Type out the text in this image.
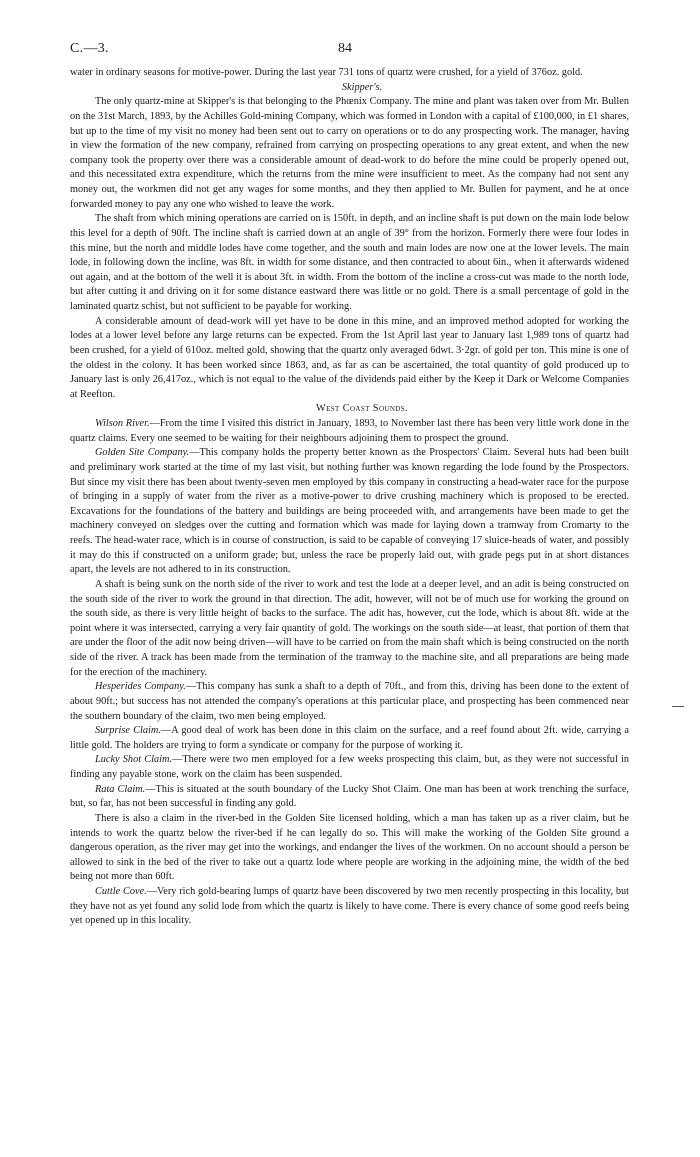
C.—3.	84

water in ordinary seasons for motive-power. During the last year 731 tons of quartz were crushed, for a yield of 376oz. gold.

Skipper's.

The only quartz-mine at Skipper's is that belonging to the Phœnix Company. The mine and plant was taken over from Mr. Bullen on the 31st March, 1893, by the Achilles Gold-mining Company, which was formed in London with a capital of £100,000, in £1 shares, but up to the time of my visit no money had been sent out to carry on operations or to do any prospecting work. The manager, having in view the formation of the new company, refrained from carrying on prospecting operations to any great extent, and when the new company took the property over there was a considerable amount of dead-work to do before the mine could be properly opened out, and this necessitated extra expenditure, which the returns from the mine were insufficient to meet. As the company had not sent any money out, the workmen did not get any wages for some months, and they then applied to Mr. Bullen for payment, and he at once forwarded money to pay any one who wished to leave the work.

The shaft from which mining operations are carried on is 150ft. in depth, and an incline shaft is put down on the main lode below this level for a depth of 90ft. The incline shaft is carried down at an angle of 39° from the horizon. Formerly there were four lodes in this mine, but the north and middle lodes have come together, and the south and main lodes are now one at the lower levels. The main lode, in following down the incline, was 8ft. in width for some distance, and then contracted to about 6in., when it afterwards widened out again, and at the bottom of the well it is about 3ft. in width. From the bottom of the incline a cross-cut was made to the north lode, but after cutting it and driving on it for some distance eastward there was little or no gold. There is a small percentage of gold in the laminated quartz schist, but not sufficient to be payable for working.

A considerable amount of dead-work will yet have to be done in this mine, and an improved method adopted for working the lodes at a lower level before any large returns can be expected. From the 1st April last year to January last 1,989 tons of quartz had been crushed, for a yield of 610oz. melted gold, showing that the quartz only averaged 6dwt. 3·2gr. of gold per ton. This mine is one of the oldest in the colony. It has been worked since 1863, and, as far as can be ascertained, the total quantity of gold produced up to January last is only 26,417oz., which is not equal to the value of the dividends paid either by the Keep it Dark or Welcome Companies at Reefton.

West Coast Sounds.

Wilson River.—From the time I visited this district in January, 1893, to November last there has been very little work done in the quartz claims. Every one seemed to be waiting for their neighbours adjoining them to prospect the ground.

Golden Site Company.—This company holds the property better known as the Prospectors' Claim. Several huts had been built and preliminary work started at the time of my last visit, but nothing further was known regarding the lode found by the Prospectors. But since my visit there has been about twenty-seven men employed by this company in constructing a head-water race for the purpose of bringing in a supply of water from the river as a motive-power to drive crushing machinery which is proposed to be erected. Excavations for the foundations of the battery and buildings are being proceeded with, and arrangements have been made to get the machinery conveyed on sledges over the cutting and formation which was made for laying down a tramway from Cromarty to the reefs. The head-water race, which is in course of construction, is said to be capable of conveying 17 sluice-heads of water, and possibly it may do this if constructed on a uniform grade; but, unless the race be properly laid out, with grade pegs put in at short distances apart, the levels are not adhered to in its construction.

A shaft is being sunk on the north side of the river to work and test the lode at a deeper level, and an adit is being constructed on the south side of the river to work the ground in that direction. The adit, however, will not be of much use for working the ground on the south side, as there is very little height of backs to the surface. The adit has, however, cut the lode, which is about 8ft. wide at the point where it was intersected, carrying a very fair quantity of gold. The workings on the south side—at least, that portion of them that are under the floor of the adit now being driven—will have to be carried on from the main shaft which is being constructed on the north side of the river. A track has been made from the termination of the tramway to the machine site, and all preparations are being made for the erection of the machinery.

Hesperides Company.—This company has sunk a shaft to a depth of 70ft., and from this, driving has been done to the extent of about 90ft.; but success has not attended the company's operations at this particular place, and prospecting has been commenced near the southern boundary of the claim, two men being employed.

Surprise Claim.—A good deal of work has been done in this claim on the surface, and a reef found about 2ft. wide, carrying a little gold. The holders are trying to form a syndicate or company for the purpose of working it.

Lucky Shot Claim.—There were two men employed for a few weeks prospecting this claim, but, as they were not successful in finding any payable stone, work on the claim has been suspended.

Rata Claim.—This is situated at the south boundary of the Lucky Shot Claim. One man has been at work trenching the surface, but, so far, has not been successful in finding any gold.

There is also a claim in the river-bed in the Golden Site licensed holding, which a man has taken up as a river claim, but he intends to work the quartz below the river-bed if he can legally do so. This will make the working of the Golden Site ground a dangerous operation, as the river may get into the workings, and endanger the lives of the workmen. On no account should a person be allowed to sink in the bed of the river to take out a quartz lode where people are working in the adjoining mine, the width of the bed being not more than 60ft.

Cuttle Cove.—Very rich gold-bearing lumps of quartz have been discovered by two men recently prospecting in this locality, but they have not as yet found any solid lode from which the quartz is likely to have come. There is every chance of some good reefs being yet opened up in this locality.
